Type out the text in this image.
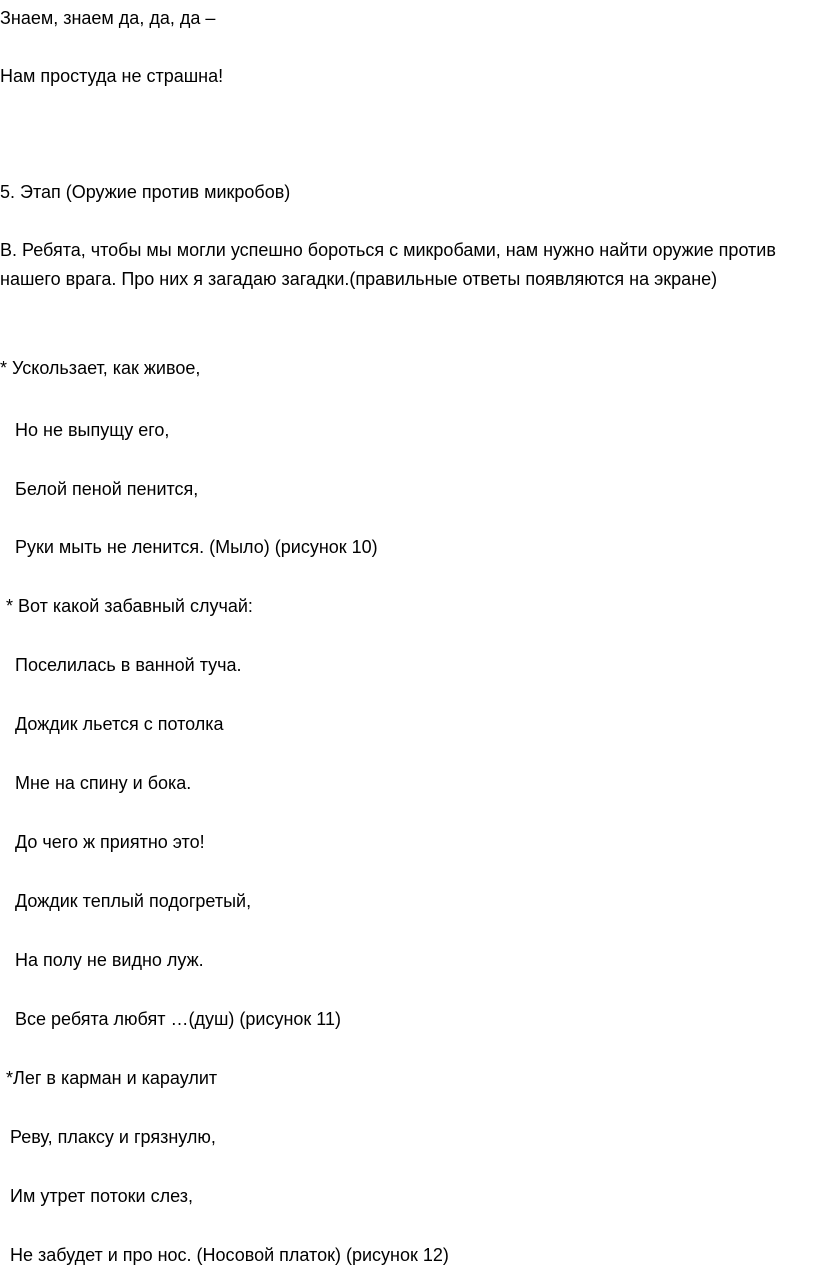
Знаем, знаем да, да, да –
Нам простуда не страшна!
5. Этап (Оружие против микробов)
В. Ребята, чтобы мы могли успешно бороться с микробами, нам нужно найти оружие против нашего врага. Про них я загадаю загадки.(правильные ответы появляются на экране)
* Ускользает, как живое,
Но не выпущу его,
Белой пеной пенится,
Руки мыть не ленится. (Мыло) (рисунок 10)
* Вот какой забавный случай:
Поселилась в ванной туча.
Дождик льется с потолка
Мне на спину и бока.
До чего ж приятно это!
Дождик теплый подогретый,
На полу не видно луж.
Все ребята любят …(душ) (рисунок 11)
*Лег в карман и караулит
Реву, плаксу и грязнулю,
Им утрет потоки слез,
Не забудет и про нос. (Носовой платок) (рисунок 12)
